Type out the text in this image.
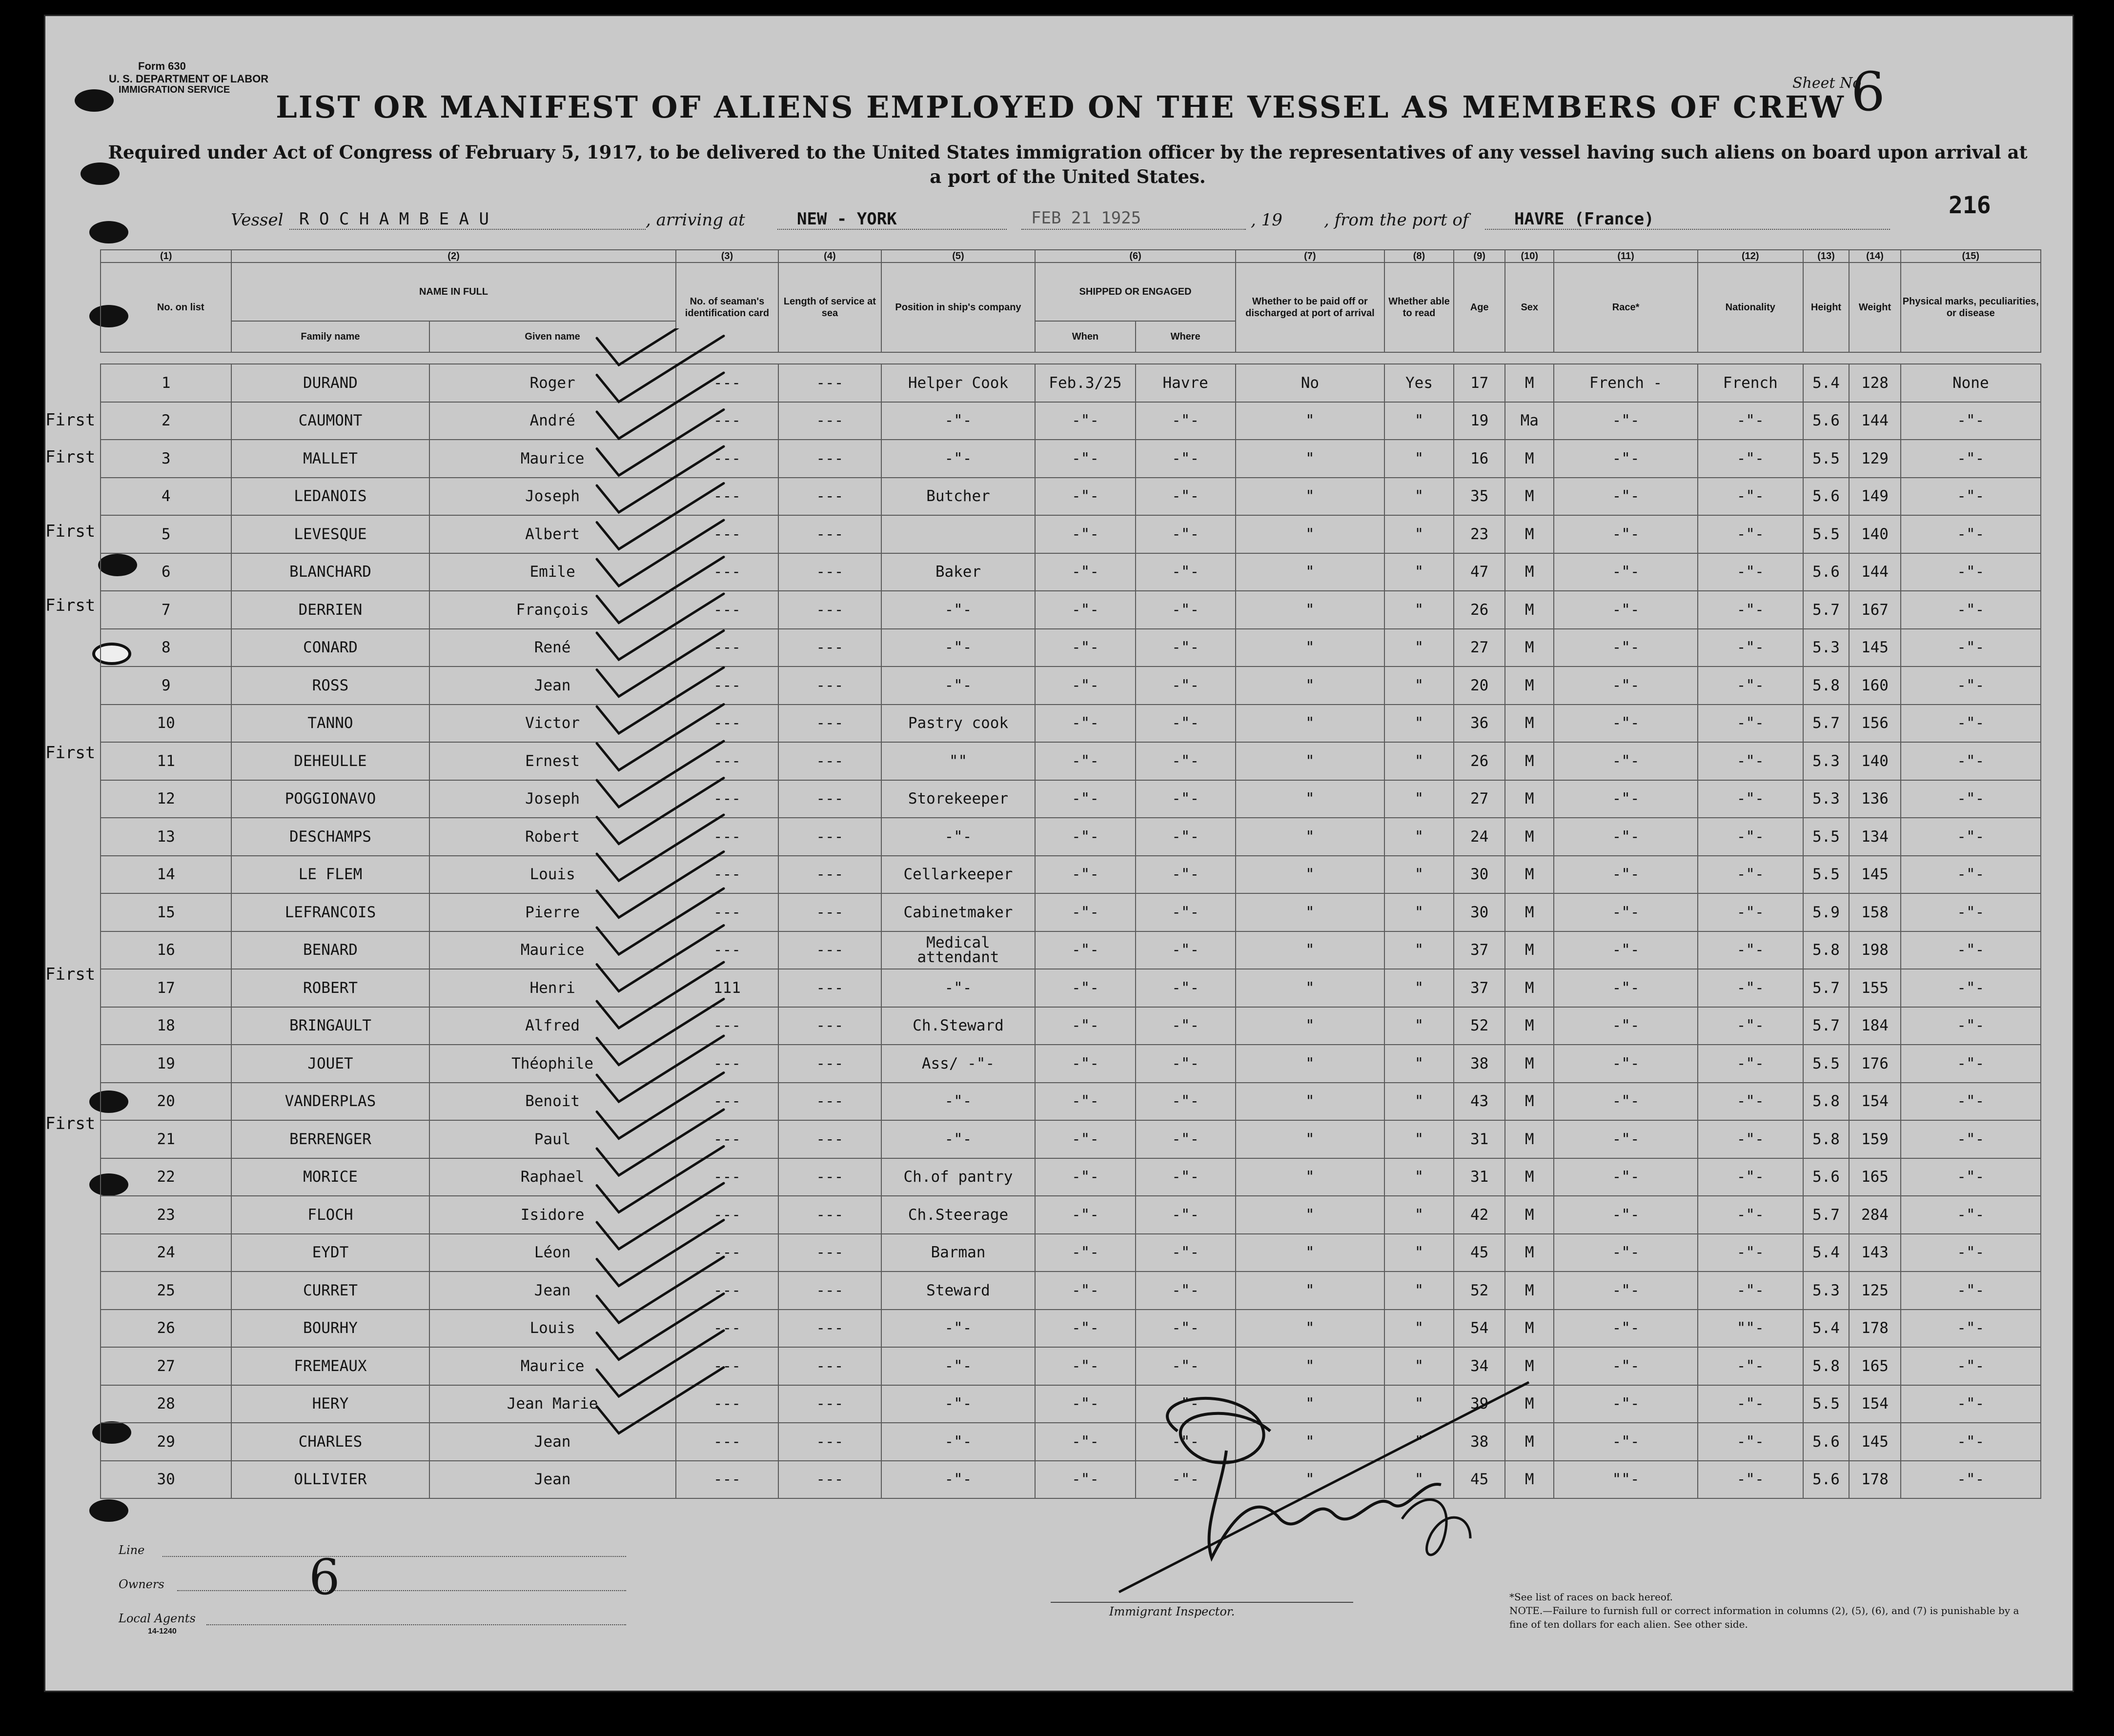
Form 630
U. S. DEPARTMENT OF LABOR
IMMIGRATION SERVICE	Sheet No
6
LIST OR MANIFEST OF ALIENS EMPLOYED ON THE VESSEL AS MEMBERS OF CREW
Required under Act of Congress of February 5, 1917, to be delivered to the United States immigration officer by the representatives of any vessel having such aliens on board upon arrival at a port of the United States.
216
Vessel R O C H A M B E A U	, arriving at	NEW - YORK	FEB 21 1925	, 19	, from the port of	HAVRE (France)
(1)	(2)		(3)	(4)	(5)	(6)		(7)	(8)	(9)	(10)	(11)	(12)	(13)	(14)	(15)

No. on list	NAME IN FULL		No. of seaman's identification card	Length of service at sea	Position in ship's company	SHIPPED OR ENGAGED		Whether to be paid off or discharged at port of arrival	Whether able to read	Age	Sex	Race*	Nationality	Height	Weight	Physical marks, peculiarities, or disease
	Family name	Given name				When	Where									

1	DURAND	Roger	---	---	Helper Cook	Feb.3/25	Havre	No	Yes	17	M	French -	French	5.4	128	None
2	CAUMONT	André	---	---	-"-	-"-	-"-	"	"	19	Ma	-"-	-"-	5.6	144	-"-
3	MALLET	Maurice	---	---	-"-	-"-	-"-	"	"	16	M	-"-	-"-	5.5	129	-"-
4	LEDANOIS	Joseph	---	---	Butcher	-"-	-"-	"	"	35	M	-"-	-"-	5.6	149	-"-
5	LEVESQUE	Albert	---	---		-"-	-"-	"	"	23	M	-"-	-"-	5.5	140	-"-
6	BLANCHARD	Emile	---	---	Baker	-"-	-"-	"	"	47	M	-"-	-"-	5.6	144	-"-
7	DERRIEN	François	---	---	-"-	-"-	-"-	"	"	26	M	-"-	-"-	5.7	167	-"-
8	CONARD	René	---	---	-"-	-"-	-"-	"	"	27	M	-"-	-"-	5.3	145	-"-
9	ROSS	Jean	---	---	-"-	-"-	-"-	"	"	20	M	-"-	-"-	5.8	160	-"-
10	TANNO	Victor	---	---	Pastry cook	-"-	-"-	"	"	36	M	-"-	-"-	5.7	156	-"-
11	DEHEULLE	Ernest	---	---	""	-"-	-"-	"	"	26	M	-"-	-"-	5.3	140	-"-
12	POGGIONAVO	Joseph	---	---	Storekeeper	-"-	-"-	"	"	27	M	-"-	-"-	5.3	136	-"-
13	DESCHAMPS	Robert	---	---	-"-	-"-	-"-	"	"	24	M	-"-	-"-	5.5	134	-"-
14	LE FLEM	Louis	---	---	Cellarkeeper	-"-	-"-	"	"	30	M	-"-	-"-	5.5	145	-"-
15	LEFRANCOIS	Pierre	---	---	Cabinetmaker	-"-	-"-	"	"	30	M	-"-	-"-	5.9	158	-"-
16	BENARD	Maurice	---	---	Medical attendant	-"-	-"-	"	"	37	M	-"-	-"-	5.8	198	-"-
17	ROBERT	Henri	111	---	-"-	-"-	-"-	"	"	37	M	-"-	-"-	5.7	155	-"-
18	BRINGAULT	Alfred	---	---	Ch.Steward	-"-	-"-	"	"	52	M	-"-	-"-	5.7	184	-"-
19	JOUET	Théophile	---	---	Ass/ -"-	-"-	-"-	"	"	38	M	-"-	-"-	5.5	176	-"-
20	VANDERPLAS	Benoit	---	---	-"-	-"-	-"-	"	"	43	M	-"-	-"-	5.8	154	-"-
21	BERRENGER	Paul	---	---	-"-	-"-	-"-	"	"	31	M	-"-	-"-	5.8	159	-"-
22	MORICE	Raphael	---	---	Ch.of pantry	-"-	-"-	"	"	31	M	-"-	-"-	5.6	165	-"-
23	FLOCH	Isidore	---	---	Ch.Steerage	-"-	-"-	"	"	42	M	-"-	-"-	5.7	284	-"-
24	EYDT	Léon	---	---	Barman	-"-	-"-	"	"	45	M	-"-	-"-	5.4	143	-"-
25	CURRET	Jean	---	---	Steward	-"-	-"-	"	"	52	M	-"-	-"-	5.3	125	-"-
26	BOURHY	Louis	---	---	-"-	-"-	-"-	"	"	54	M	-"-	""-	5.4	178	-"-
27	FREMEAUX	Maurice	---	---	-"-	-"-	-"-	"	"	34	M	-"-	-"-	5.8	165	-"-
28	HERY	Jean Marie	---	---	-"-	-"-	-"-	"	"	39	M	-"-	-"-	5.5	154	-"-
29	CHARLES	Jean	---	---	-"-	-"-	-"-	"	"	38	M	-"-	-"-	5.6	145	-"-
30	OLLIVIER	Jean	---	---	-"-	-"-	-"-	"	"	45	M	""-	-"-	5.6	178	-"-
First
First
First
First
First
First
First
Line
Owners	6
Local Agents
14-1240
Immigrant Inspector.
*See list of races on back hereof.
NOTE.—Failure to furnish full or correct information in columns (2), (5), (6), and (7) is punishable by a fine of ten dollars for each alien. See other side.
